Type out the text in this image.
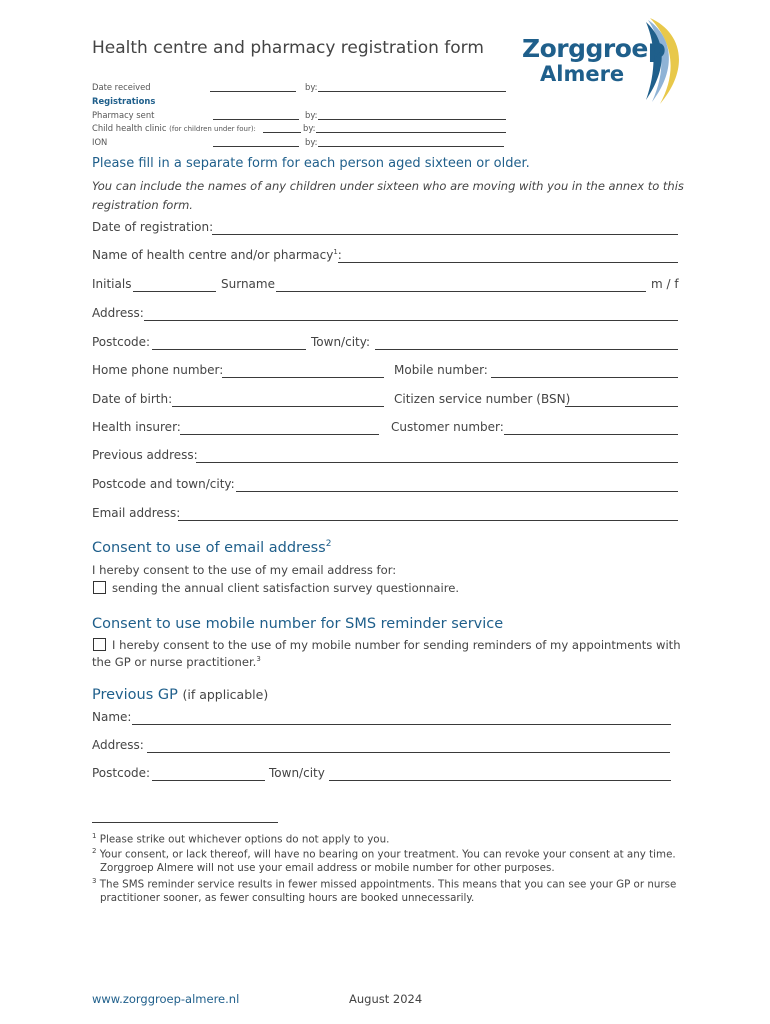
Health centre and pharmacy registration form Zorggroep
Almere
Date received	by:
Registrations
Pharmacy sent	by:
Child health clinic (for children under four):	by:
ION	by:
Please fill in a separate form for each person aged sixteen or older.
You can include the names of any children under sixteen who are moving with you in the annex to this registration form.
Date of registration:
Name of health centre and/or pharmacy$^1$:
Initials	Surname	m / f
Address:
Postcode:	Town/city:
Home phone number:	Mobile number:
Date of birth:	Citizen service number (BSN)
Health insurer:	Customer number:
Previous address:
Postcode and town/city:
Email address:
Consent to use of email address$^2$
I hereby consent to the use of my email address for:
sending the annual client satisfaction survey questionnaire.
Consent to use mobile number for SMS reminder service
I hereby consent to the use of my mobile number for sending reminders of my appointments with
the GP or nurse practitioner.$^3$
Previous GP (if applicable)
Name:
Address:
Postcode:	Town/city
$^1$ Please strike out whichever options do not apply to you.
$^2$ Your consent, or lack thereof, will have no bearing on your treatment. You can revoke your consent at any time.
Zorggroep Almere will not use your email address or mobile number for other purposes.
$^3$ The SMS reminder service results in fewer missed appointments. This means that you can see your GP or nurse
practitioner sooner, as fewer consulting hours are booked unnecessarily.
www.zorggroep-almere.nl	August 2024
